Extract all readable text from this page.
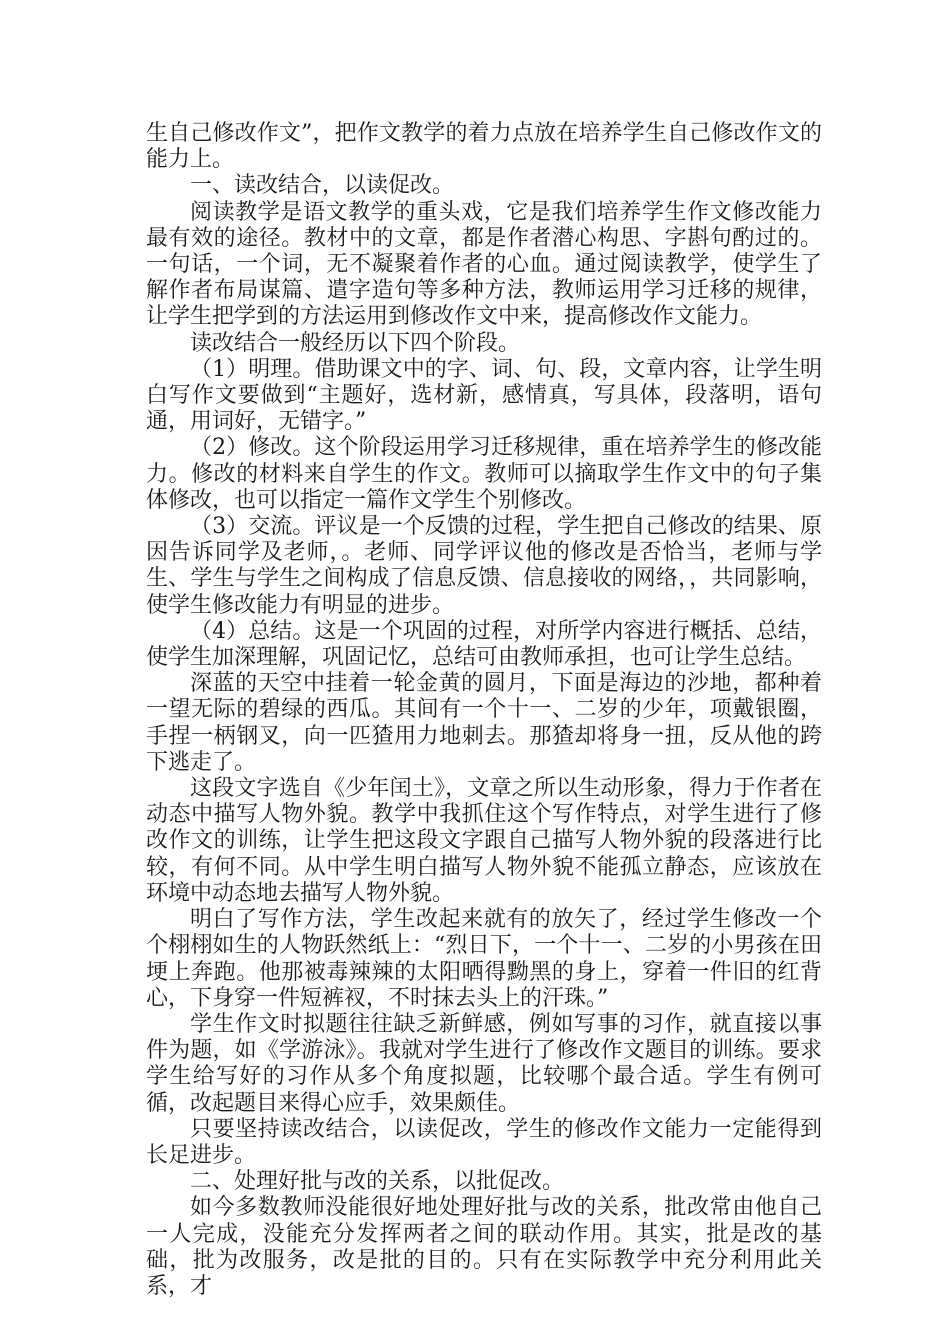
生自己修改作文”，把作文教学的着力点放在培养学生自己修改作文的能力上。

一、读改结合，以读促改。

阅读教学是语文教学的重头戏，它是我们培养学生作文修改能力最有效的途径。教材中的文章，都是作者潜心构思、字斟句酌过的。一句话，一个词，无不凝聚着作者的心血。通过阅读教学，使学生了解作者布局谋篇、遣字造句等多种方法，教师运用学习迁移的规律，让学生把学到的方法运用到修改作文中来，提高修改作文能力。

读改结合一般经历以下四个阶段。

（1）明理。借助课文中的字、词、句、段，文章内容，让学生明白写作文要做到“主题好，选材新，感情真，写具体，段落明，语句通，用词好，无错字。”

（2）修改。这个阶段运用学习迁移规律，重在培养学生的修改能力。修改的材料来自学生的作文。教师可以摘取学生作文中的句子集体修改，也可以指定一篇作文学生个别修改。

（3）交流。评议是一个反馈的过程，学生把自己修改的结果、原因告诉同学及老师，。老师、同学评议他的修改是否恰当，老师与学生、学生与学生之间构成了信息反馈、信息接收的网络，，共同影响，使学生修改能力有明显的进步。

（4）总结。这是一个巩固的过程，对所学内容进行概括、总结，使学生加深理解，巩固记忆，总结可由教师承担，也可让学生总结。

深蓝的天空中挂着一轮金黄的圆月，下面是海边的沙地，都种着一望无际的碧绿的西瓜。其间有一个十一、二岁的少年，项戴银圈，手捏一柄钢叉，向一匹猹用力地刺去。那猹却将身一扭，反从他的跨下逃走了。

这段文字选自《少年闰土》，文章之所以生动形象，得力于作者在动态中描写人物外貌。教学中我抓住这个写作特点，对学生进行了修改作文的训练，让学生把这段文字跟自己描写人物外貌的段落进行比较，有何不同。从中学生明白描写人物外貌不能孤立静态，应该放在环境中动态地去描写人物外貌。

明白了写作方法，学生改起来就有的放矢了，经过学生修改一个个栩栩如生的人物跃然纸上：“烈日下，一个十一、二岁的小男孩在田埂上奔跑。他那被毒辣辣的太阳晒得黝黑的身上，穿着一件旧的红背心，下身穿一件短裤衩，不时抹去头上的汗珠。”

学生作文时拟题往往缺乏新鲜感，例如写事的习作，就直接以事件为题，如《学游泳》。我就对学生进行了修改作文题目的训练。要求学生给写好的习作从多个角度拟题，比较哪个最合适。学生有例可循，改起题目来得心应手，效果颇佳。

只要坚持读改结合，以读促改，学生的修改作文能力一定能得到长足进步。

二、处理好批与改的关系，以批促改。

如今多数教师没能很好地处理好批与改的关系，批改常由他自己一人完成，没能充分发挥两者之间的联动作用。其实，批是改的基础，批为改服务，改是批的目的。只有在实际教学中充分利用此关系，才
